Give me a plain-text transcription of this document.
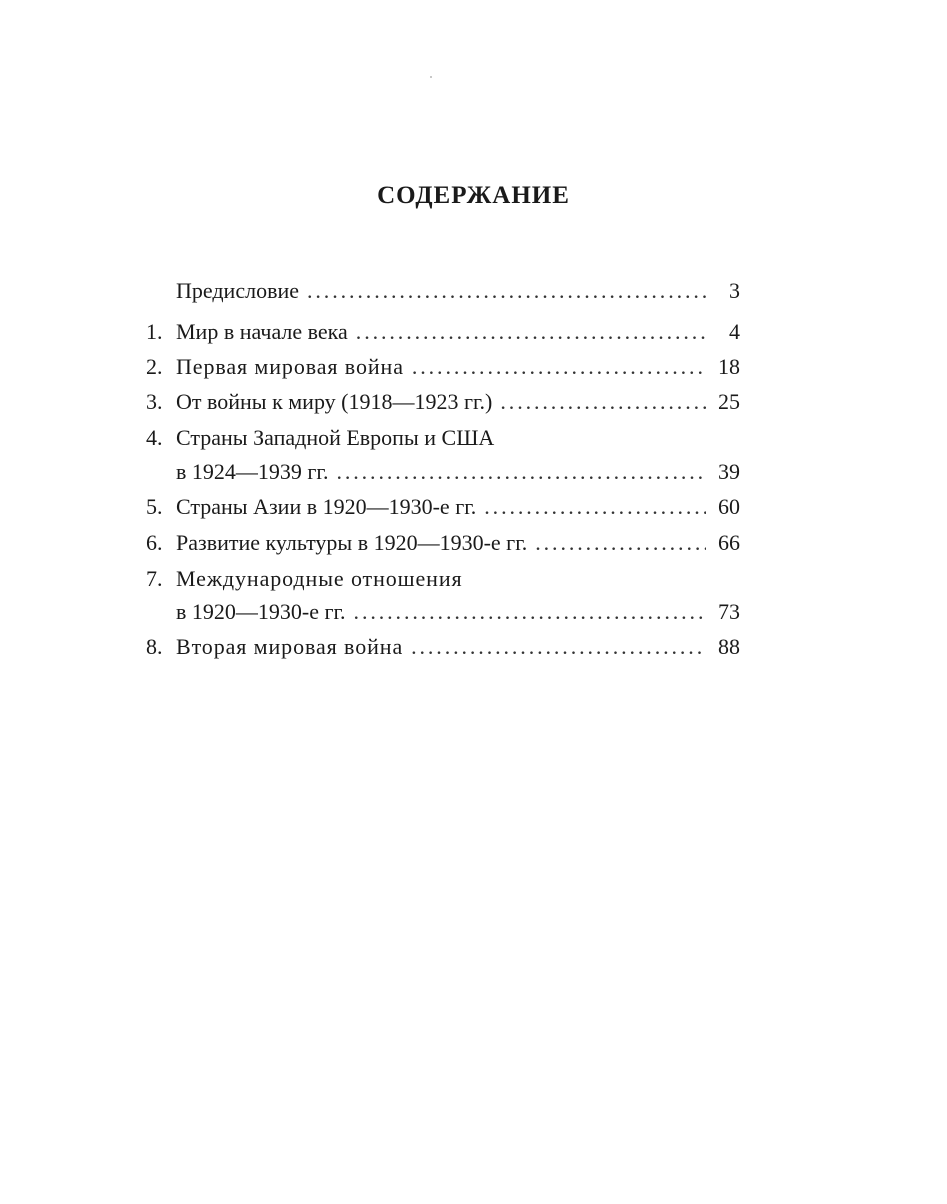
СОДЕРЖАНИЕ
Предисловие . . .	3
1. Мир в начале века . . .	4
2. Первая мировая война . . .	18
3. От войны к миру (1918—1923 гг.) . . .	25
4. Страны Западной Европы и США
в 1924—1939 гг. . . .	39
5. Страны Азии в 1920—1930-е гг. . . .	60
6. Развитие культуры в 1920—1930-е гг. . . .	66
7. Международные отношения
в 1920—1930-е гг. . . .	73
8. Вторая мировая война . . .	88
